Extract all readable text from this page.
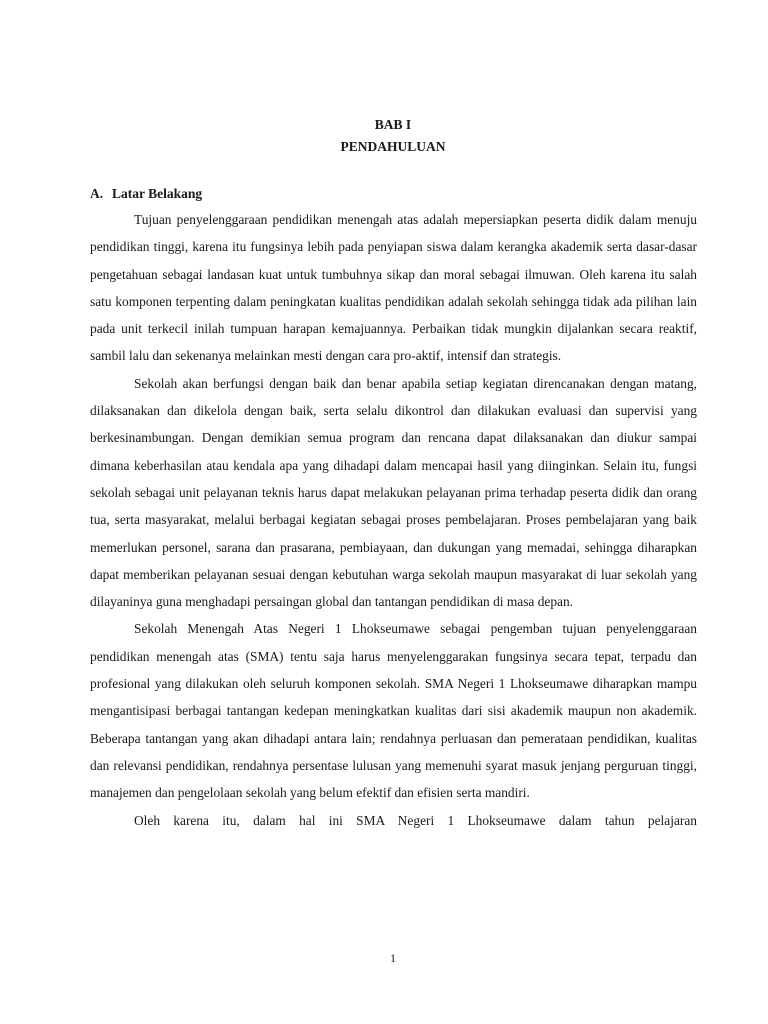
BAB I
PENDAHULUAN
A. Latar Belakang

Tujuan penyelenggaraan pendidikan menengah atas adalah mepersiapkan peserta didik dalam menuju pendidikan tinggi, karena itu fungsinya lebih pada penyiapan siswa dalam kerangka akademik serta dasar-dasar pengetahuan sebagai landasan kuat untuk tumbuhnya sikap dan moral sebagai ilmuwan. Oleh karena itu salah satu komponen terpenting dalam peningkatan kualitas pendidikan adalah sekolah sehingga tidak ada pilihan lain pada unit terkecil inilah tumpuan harapan kemajuannya. Perbaikan tidak mungkin dijalankan secara reaktif, sambil lalu dan sekenanya melainkan mesti dengan cara pro-aktif, intensif dan strategis.

Sekolah akan berfungsi dengan baik dan benar apabila setiap kegiatan direncanakan dengan matang, dilaksanakan dan dikelola dengan baik, serta selalu dikontrol dan dilakukan evaluasi dan supervisi yang berkesinambungan. Dengan demikian semua program dan rencana dapat dilaksanakan dan diukur sampai dimana keberhasilan atau kendala apa yang dihadapi dalam mencapai hasil yang diinginkan. Selain itu, fungsi sekolah sebagai unit pelayanan teknis harus dapat melakukan pelayanan prima terhadap peserta didik dan orang tua, serta masyarakat, melalui berbagai kegiatan sebagai proses pembelajaran. Proses pembelajaran yang baik memerlukan personel, sarana dan prasarana, pembiayaan, dan dukungan yang memadai, sehingga diharapkan dapat memberikan pelayanan sesuai dengan kebutuhan warga sekolah maupun masyarakat di luar sekolah yang dilayaninya guna menghadapi persaingan global dan tantangan pendidikan di masa depan.

Sekolah Menengah Atas Negeri 1 Lhokseumawe sebagai pengemban tujuan penyelenggaraan pendidikan menengah atas (SMA) tentu saja harus menyelenggarakan fungsinya secara tepat, terpadu dan profesional yang dilakukan oleh seluruh komponen sekolah. SMA Negeri 1 Lhokseumawe diharapkan mampu mengantisipasi berbagai tantangan kedepan meningkatkan kualitas dari sisi akademik maupun non akademik. Beberapa tantangan yang akan dihadapi antara lain; rendahnya perluasan dan pemerataan pendidikan, kualitas dan relevansi pendidikan, rendahnya persentase lulusan yang memenuhi syarat masuk jenjang perguruan tinggi, manajemen dan pengelolaan sekolah yang belum efektif dan efisien serta mandiri.

Oleh karena itu, dalam hal ini SMA Negeri 1 Lhokseumawe dalam tahun pelajaran

1
